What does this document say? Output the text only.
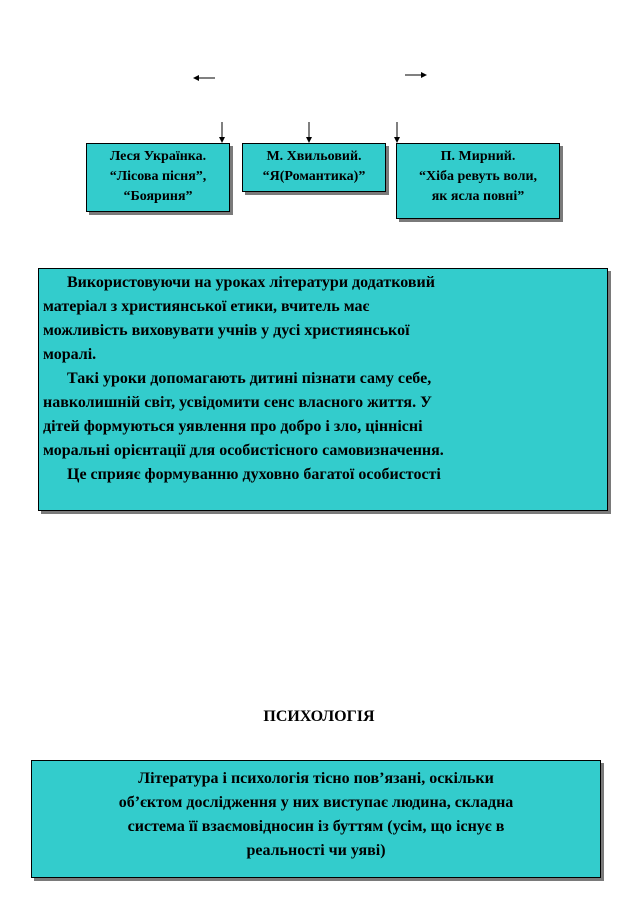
Леся Українка.
“Лісова пісня”,
“Бояриня”
М. Хвильовий.
“Я(Романтика)”
П. Мирний.
“Хіба ревуть воли,
як ясла повні”
Використовуючи на уроках літератури додатковий
матеріал з християнської етики, вчитель має
можливість виховувати учнів у дусі християнської
моралі.
Такі уроки допомагають дитині пізнати саму себе,
навколишній світ, усвідомити сенс власного життя. У
дітей формуються уявлення про добро і зло, ціннісні
моральні орієнтації для особистісного самовизначення.
Це сприяє формуванню духовно багатої особистості
ПСИХОЛОГІЯ
Література і психологія тісно пов’язані, оскільки
об’єктом дослідження у них виступає людина, складна
система її взаємовідносин із буттям (усім, що існує в
реальності чи уяві)
